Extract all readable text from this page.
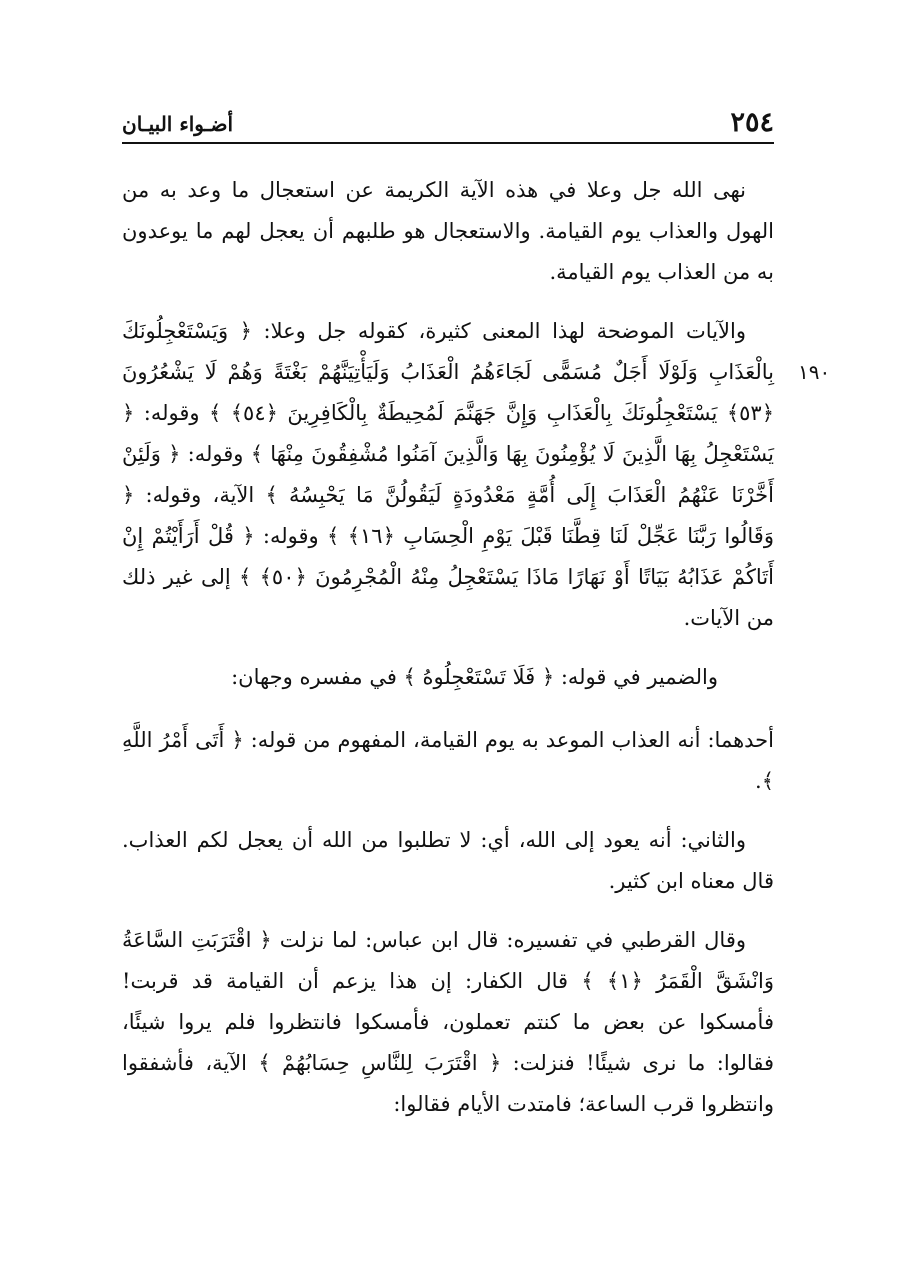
٢٥٤
أضـواء البيـان
١٩٠

نهى الله جل وعلا في هذه الآية الكريمة عن استعجال ما وعد به من الهول والعذاب يوم القيامة. والاستعجال هو طلبهم أن يعجل لهم ما يوعدون به من العذاب يوم القيامة.

والآيات الموضحة لهذا المعنى كثيرة، كقوله جل وعلا: ﴿ وَيَسْتَعْجِلُونَكَ بِالْعَذَابِ وَلَوْلَا أَجَلٌ مُسَمًّى لَجَاءَهُمُ الْعَذَابُ وَلَيَأْتِيَنَّهُمْ بَغْتَةً وَهُمْ لَا يَشْعُرُونَ ﴿٥٣﴾ يَسْتَعْجِلُونَكَ بِالْعَذَابِ وَإِنَّ جَهَنَّمَ لَمُحِيطَةٌ بِالْكَافِرِينَ ﴿٥٤﴾ ﴾ وقوله: ﴿ يَسْتَعْجِلُ بِهَا الَّذِينَ لَا يُؤْمِنُونَ بِهَا وَالَّذِينَ آمَنُوا مُشْفِقُونَ مِنْهَا ﴾ وقوله: ﴿ وَلَئِنْ أَخَّرْنَا عَنْهُمُ الْعَذَابَ إِلَى أُمَّةٍ مَعْدُودَةٍ لَيَقُولُنَّ مَا يَحْبِسُهُ ﴾ الآية، وقوله: ﴿ وَقَالُوا رَبَّنَا عَجِّلْ لَنَا قِطَّنَا قَبْلَ يَوْمِ الْحِسَابِ ﴿١٦﴾ ﴾ وقوله: ﴿ قُلْ أَرَأَيْتُمْ إِنْ أَتَاكُمْ عَذَابُهُ بَيَاتًا أَوْ نَهَارًا مَاذَا يَسْتَعْجِلُ مِنْهُ الْمُجْرِمُونَ ﴿٥٠﴾ ﴾ إلى غير ذلك من الآيات.

والضمير في قوله: ﴿ فَلَا تَسْتَعْجِلُوهُ ﴾ في مفسره وجهان:

أحدهما: أنه العذاب الموعد به يوم القيامة، المفهوم من قوله: ﴿ أَتَى أَمْرُ اللَّهِ ﴾.

والثاني: أنه يعود إلى الله، أي: لا تطلبوا من الله أن يعجل لكم العذاب. قال معناه ابن كثير.

وقال القرطبي في تفسيره: قال ابن عباس: لما نزلت ﴿ اقْتَرَبَتِ السَّاعَةُ وَانْشَقَّ الْقَمَرُ ﴿١﴾ ﴾ قال الكفار: إن هذا يزعم أن القيامة قد قربت! فأمسكوا عن بعض ما كنتم تعملون، فأمسكوا فانتظروا فلم يروا شيئًا، فقالوا: ما نرى شيئًا! فنزلت: ﴿ اقْتَرَبَ لِلنَّاسِ حِسَابُهُمْ ﴾ الآية، فأشفقوا وانتظروا قرب الساعة؛ فامتدت الأيام فقالوا:
